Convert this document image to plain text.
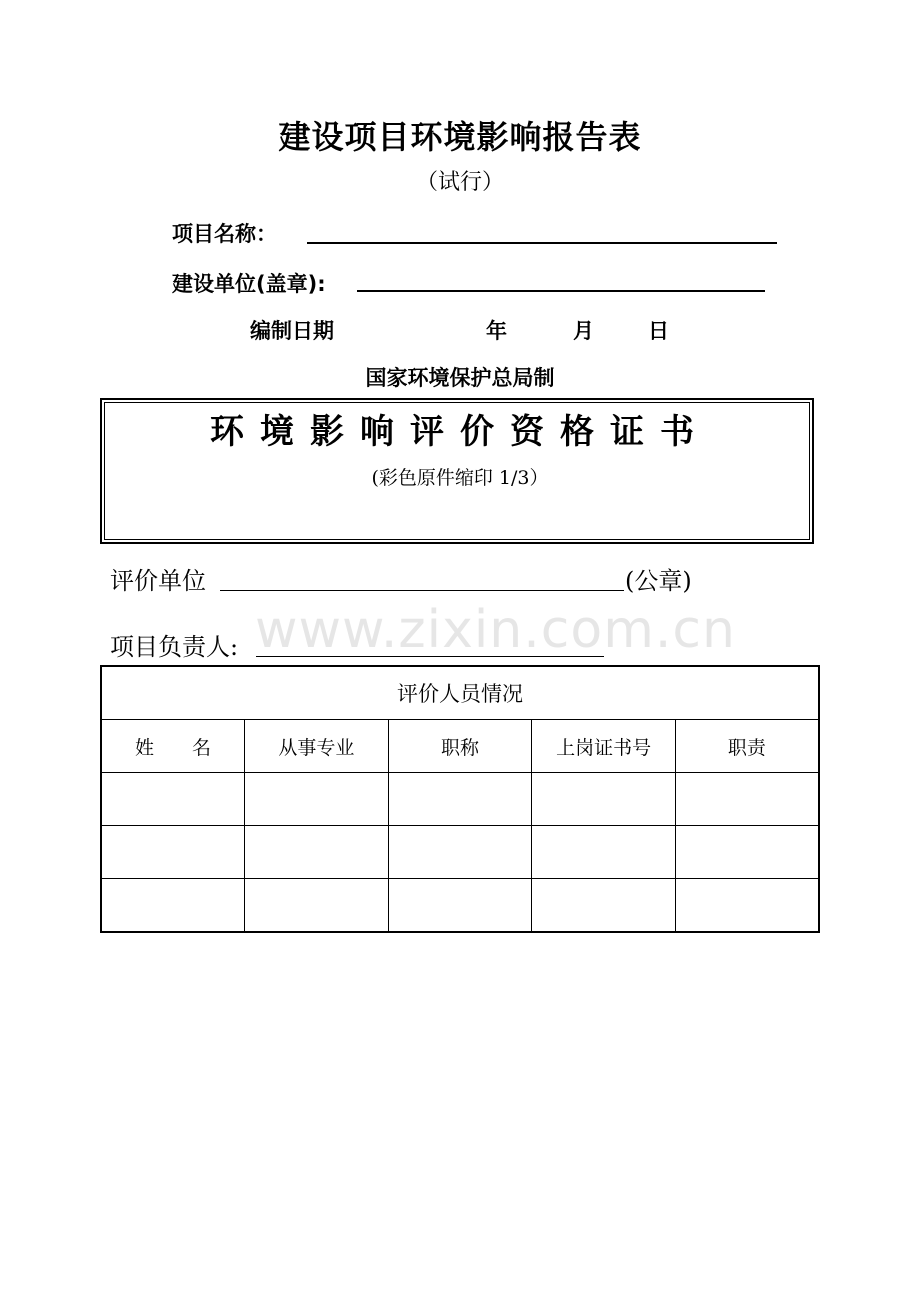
建设项目环境影响报告表
（试行）
项目名称：
建设单位(盖章):
编制日期	年	月	日
国家环境保护总局制
环境影响评价资格证书
(彩色原件缩印 1/3）
评价单位	(公章)
www.zixin.com.cn
项目负责人:
评价人员情况				
姓　　名	从事专业	职称	上岗证书号	职责
